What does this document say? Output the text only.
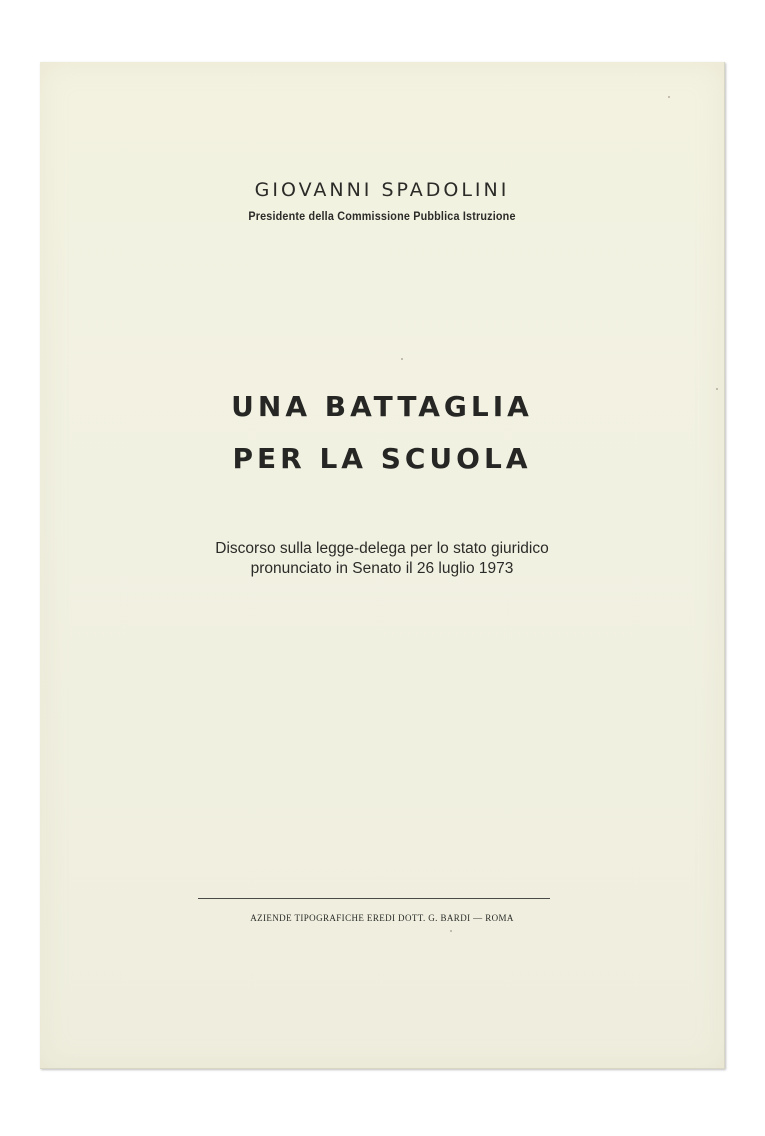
GIOVANNI SPADOLINI
Presidente della Commissione Pubblica Istruzione
UNA BATTAGLIA
PER LA SCUOLA
Discorso sulla legge-delega per lo stato giuridico
pronunciato in Senato il 26 luglio 1973
AZIENDE TIPOGRAFICHE EREDI DOTT. G. BARDI — ROMA
